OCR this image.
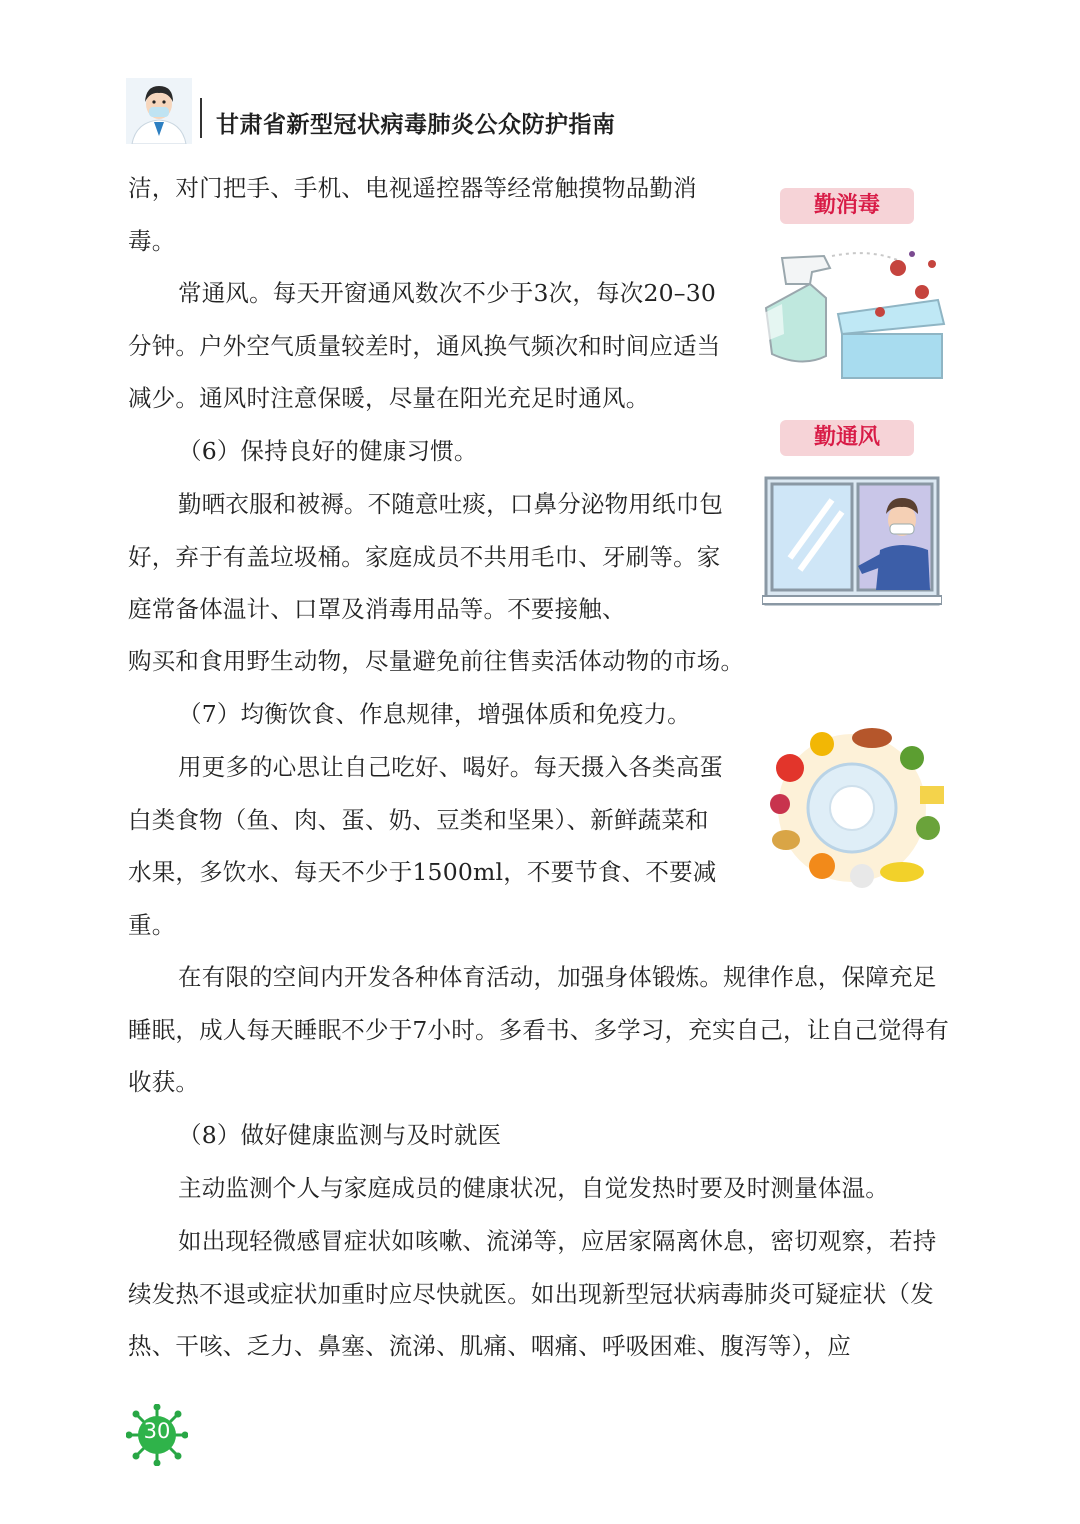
甘肃省新型冠状病毒肺炎公众防护指南
勤消毒
勤通风

洁，对门把手、手机、电视遥控器等经常触摸物品勤消毒。

常通风。每天开窗通风数次不少于3次，每次20–30分钟。户外空气质量较差时，通风换气频次和时间应适当减少。通风时注意保暖，尽量在阳光充足时通风。

（6）保持良好的健康习惯。

勤晒衣服和被褥。不随意吐痰，口鼻分泌物用纸巾包好，弃于有盖垃圾桶。家庭成员不共用毛巾、牙刷等。家庭常备体温计、口罩及消毒用品等。不要接触、

购买和食用野生动物，尽量避免前往售卖活体动物的市场。

（7）均衡饮食、作息规律，增强体质和免疫力。

用更多的心思让自己吃好、喝好。每天摄入各类高蛋白类食物（鱼、肉、蛋、奶、豆类和坚果）、新鲜蔬菜和水果，多饮水、每天不少于1500ml，不要节食、不要减重。

在有限的空间内开发各种体育活动，加强身体锻炼。规律作息，保障充足睡眠，成人每天睡眠不少于7小时。多看书、多学习，充实自己，让自己觉得有收获。

（8）做好健康监测与及时就医

主动监测个人与家庭成员的健康状况，自觉发热时要及时测量体温。

如出现轻微感冒症状如咳嗽、流涕等，应居家隔离休息，密切观察，若持续发热不退或症状加重时应尽快就医。如出现新型冠状病毒肺炎可疑症状（发热、干咳、乏力、鼻塞、流涕、肌痛、咽痛、呼吸困难、腹泻等），应

30
